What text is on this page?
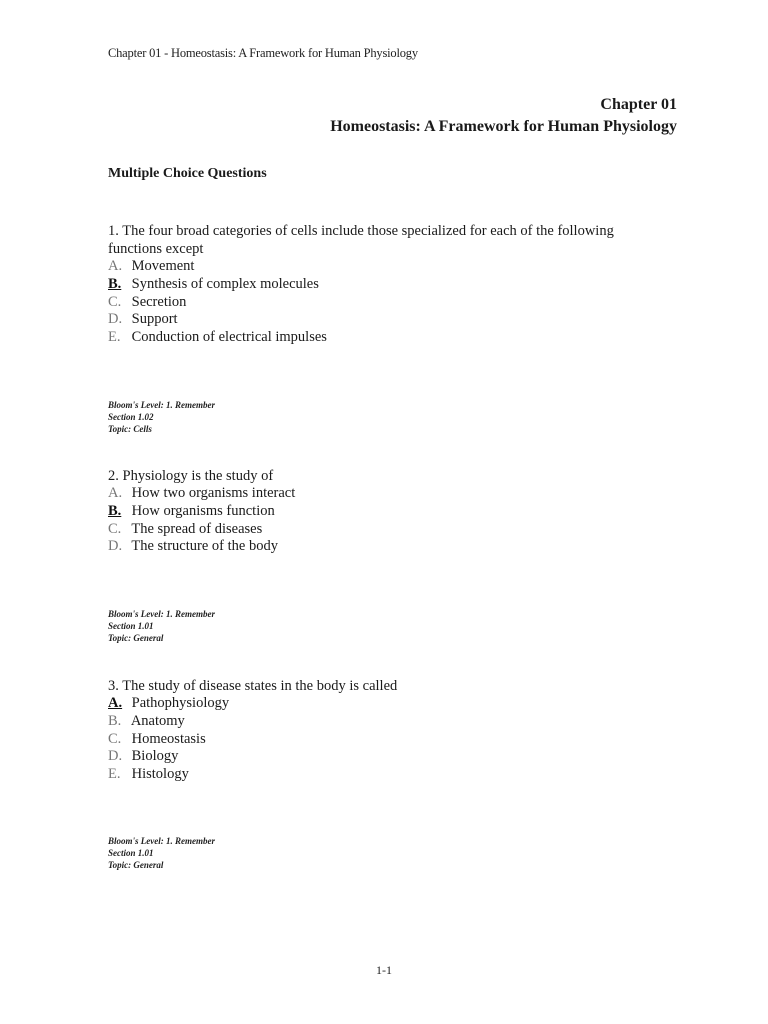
Chapter 01 - Homeostasis: A Framework for Human Physiology
Chapter 01
Homeostasis: A Framework for Human Physiology
Multiple Choice Questions
1. The four broad categories of cells include those specialized for each of the following functions except
A. Movement
B. Synthesis of complex molecules
C. Secretion
D. Support
E. Conduction of electrical impulses
Bloom's Level: 1. Remember
Section 1.02
Topic: Cells
2. Physiology is the study of
A. How two organisms interact
B. How organisms function
C. The spread of diseases
D. The structure of the body
Bloom's Level: 1. Remember
Section 1.01
Topic: General
3. The study of disease states in the body is called
A. Pathophysiology
B. Anatomy
C. Homeostasis
D. Biology
E. Histology
Bloom's Level: 1. Remember
Section 1.01
Topic: General
1-1
